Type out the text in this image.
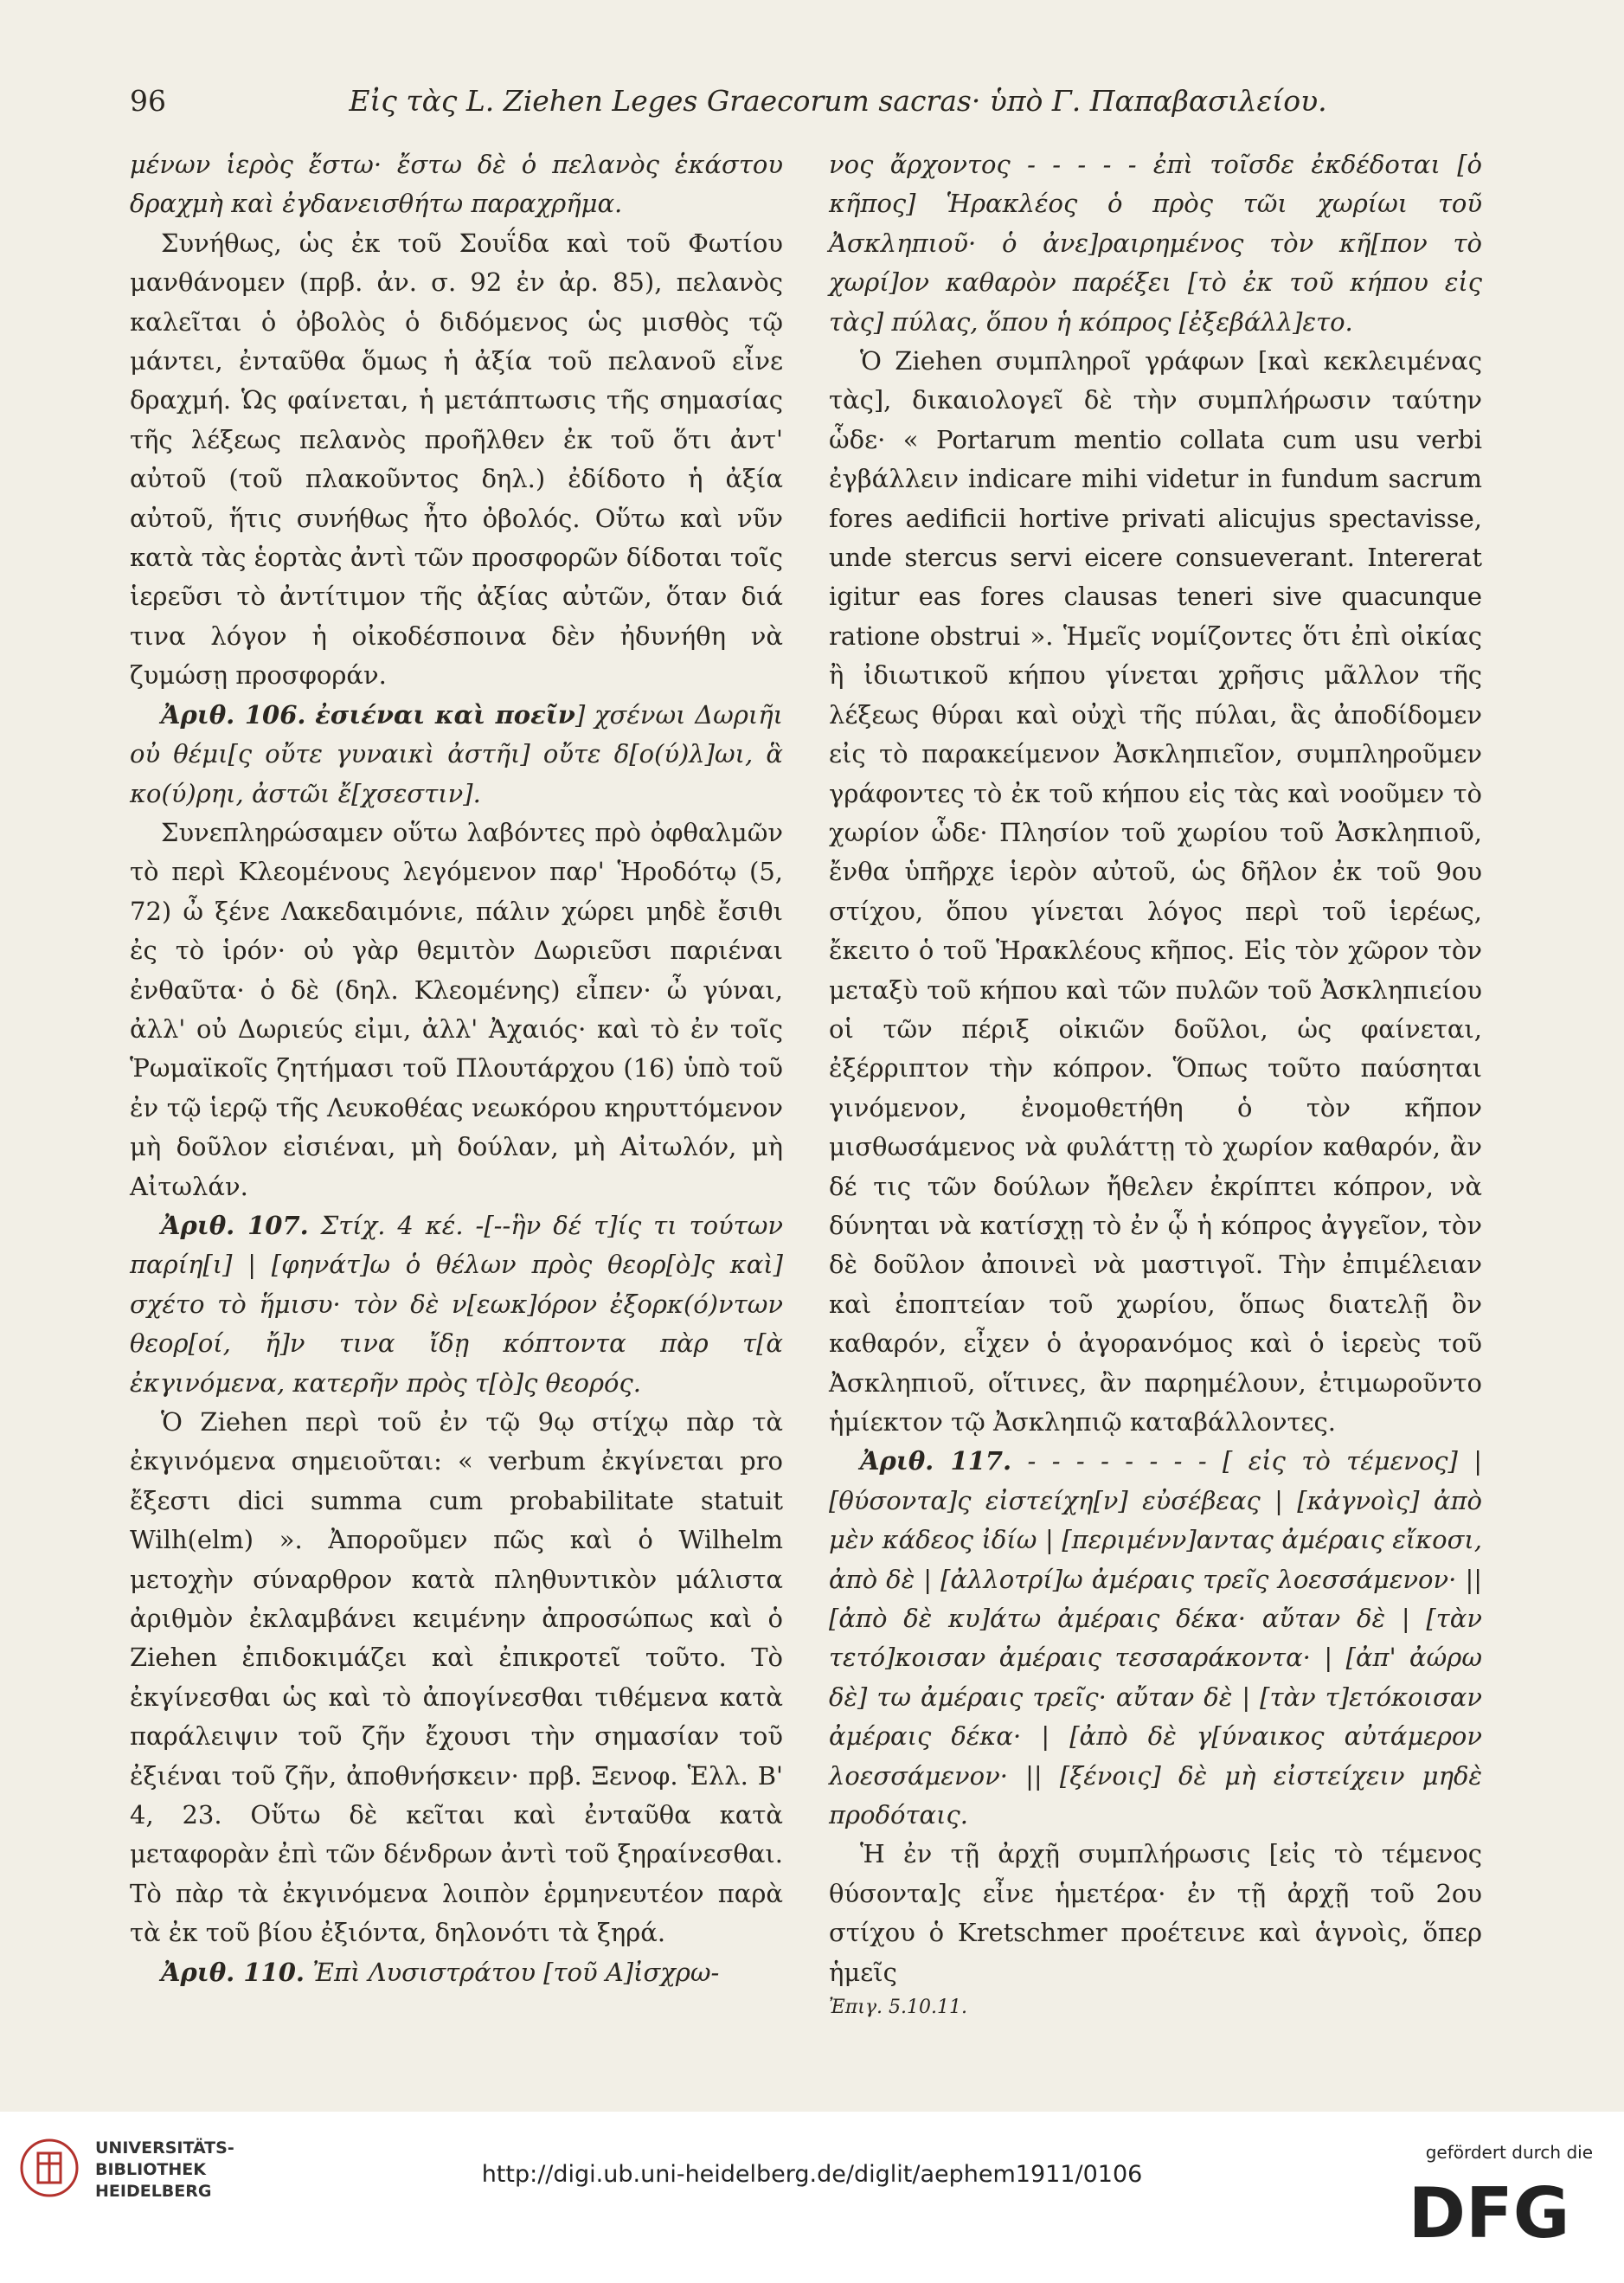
96	Εἰς τὰς L. Ziehen Leges Graecorum sacras· ὑπὸ Γ. Παπαβασιλείου.

μένων ἱερὸς ἔστω· ἔστω δὲ ὁ πελανὸς ἑκάστου δραχμὴ καὶ ἐγδανεισθήτω παραχρῆμα.

Συνήθως, ὡς ἐκ τοῦ Σουΐδα καὶ τοῦ Φωτίου μανθάνομεν (πρβ. ἀν. σ. 92 ἐν ἀρ. 85), πελανὸς καλεῖται ὁ ὀβολὸς ὁ διδόμενος ὡς μισθὸς τῷ μάντει, ἐνταῦθα ὅμως ἡ ἀξία τοῦ πελανοῦ εἶνε δραχμή. Ὡς φαίνεται, ἡ μετάπτωσις τῆς σημασίας τῆς λέξεως πελανὸς προῆλθεν ἐκ τοῦ ὅτι ἀντ' αὐτοῦ (τοῦ πλακοῦντος δηλ.) ἐδίδοτο ἡ ἀξία αὐτοῦ, ἥτις συνήθως ἦτο ὀβολός. Οὕτω καὶ νῦν κατὰ τὰς ἑορτὰς ἀντὶ τῶν προσφορῶν δίδοται τοῖς ἱερεῦσι τὸ ἀντίτιμον τῆς ἀξίας αὐτῶν, ὅταν διά τινα λόγον ἡ οἰκοδέσποινα δὲν ἠδυνήθη νὰ ζυμώσῃ προσφοράν.

Ἀριθ. 106. ἐσιέναι καὶ ποεῖν] χσένωι Δωριῆι οὐ θέμι[ς οὔτε γυναικὶ ἀστῆι] οὔτε δ[ο(ύ)λ]ωι, ἃ κο(ύ)ρηι, ἀστῶι ἔ[χσεστιν].

Συνεπληρώσαμεν οὕτω λαβόντες πρὸ ὀφθαλμῶν τὸ περὶ Κλεομένους λεγόμενον παρ' Ἡροδότῳ (5, 72) ὦ ξένε Λακεδαιμόνιε, πάλιν χώρει μηδὲ ἔσιθι ἐς τὸ ἱρόν· οὐ γὰρ θεμιτὸν Δωριεῦσι παριέναι ἐνθαῦτα· ὁ δὲ (δηλ. Κλεομένης) εἶπεν· ὦ γύναι, ἀλλ' οὐ Δωριεύς εἰμι, ἀλλ' Ἀχαιός· καὶ τὸ ἐν τοῖς Ῥωμαϊκοῖς ζητήμασι τοῦ Πλουτάρχου (16) ὑπὸ τοῦ ἐν τῷ ἱερῷ τῆς Λευκοθέας νεωκόρου κηρυττόμενον μὴ δοῦλον εἰσιέναι, μὴ δούλαν, μὴ Αἰτωλόν, μὴ Αἰτωλάν.

Ἀριθ. 107. Στίχ. 4 κέ. -[--ἣν δέ τ]ίς τι τούτων παρίη[ι] | [φηνάτ]ω ὁ θέλων πρὸς θεορ[ὸ]ς καὶ] σχέτο τὸ ἥμισυ· τὸν δὲ ν[εωκ]όρον ἐξορκ(ό)ντων θεορ[οί, ἤ]ν τινα ἴδῃ κόπτοντα πὰρ τ[ὰ ἐκγινόμενα, κατερῆν πρὸς τ[ὸ]ς θεορός.

Ὁ Ziehen περὶ τοῦ ἐν τῷ 9ῳ στίχῳ πὰρ τὰ ἐκγινόμενα σημειοῦται: « verbum ἐκγίνεται pro ἔξεστι dici summa cum probabilitate statuit Wilh(elm) ». Ἀποροῦμεν πῶς καὶ ὁ Wilhelm μετοχὴν σύναρθρον κατὰ πληθυντικὸν μάλιστα ἀριθμὸν ἐκλαμβάνει κειμένην ἀπροσώπως καὶ ὁ Ziehen ἐπιδοκιμάζει καὶ ἐπικροτεῖ τοῦτο. Τὸ ἐκγίνεσθαι ὡς καὶ τὸ ἀπογίνεσθαι τιθέμενα κατὰ παράλειψιν τοῦ ζῆν ἔχουσι τὴν σημασίαν τοῦ ἐξιέναι τοῦ ζῆν, ἀποθνήσκειν· πρβ. Ξενοφ. Ἑλλ. Β' 4, 23. Οὕτω δὲ κεῖται καὶ ἐνταῦθα κατὰ μεταφορὰν ἐπὶ τῶν δένδρων ἀντὶ τοῦ ξηραίνεσθαι. Τὸ πὰρ τὰ ἐκγινόμενα λοιπὸν ἑρμηνευτέον παρὰ τὰ ἐκ τοῦ βίου ἐξιόντα, δηλονότι τὰ ξηρά.

Ἀριθ. 110. Ἐπὶ Λυσιστράτου [τοῦ Α]ἰσχρω-

νος ἄρχοντος - - - - - ἐπὶ τοῖσδε ἐκδέδοται [ὁ κῆπος] Ἡρακλέος ὁ πρὸς τῶι χωρίωι τοῦ Ἀσκληπιοῦ· ὁ ἀνε]ραιρημένος τὸν κῆ[πον τὸ χωρί]ον καθαρὸν παρέξει [τὸ ἐκ τοῦ κήπου εἰς τὰς] πύλας, ὅπου ἡ κόπρος [ἐξεβάλλ]ετο.

Ὁ Ziehen συμπληροῖ γράφων [καὶ κεκλειμένας τὰς], δικαιολογεῖ δὲ τὴν συμπλήρωσιν ταύτην ὧδε· « Portarum mentio collata cum usu verbi ἐγβάλλειν indicare mihi videtur in fundum sacrum fores aedificii hortive privati alicujus spectavisse, unde stercus servi eicere consueverant. Intererat igitur eas fores clausas teneri sive quacunque ratione obstrui ». Ἡμεῖς νομίζοντες ὅτι ἐπὶ οἰκίας ἢ ἰδιωτικοῦ κήπου γίνεται χρῆσις μᾶλλον τῆς λέξεως θύραι καὶ οὐχὶ τῆς πύλαι, ἃς ἀποδίδομεν εἰς τὸ παρακείμενον Ἀσκληπιεῖον, συμπληροῦμεν γράφοντες τὸ ἐκ τοῦ κήπου εἰς τὰς καὶ νοοῦμεν τὸ χωρίον ὧδε· Πλησίον τοῦ χωρίου τοῦ Ἀσκληπιοῦ, ἔνθα ὑπῆρχε ἱερὸν αὐτοῦ, ὡς δῆλον ἐκ τοῦ 9ου στίχου, ὅπου γίνεται λόγος περὶ τοῦ ἱερέως, ἔκειτο ὁ τοῦ Ἡρακλέους κῆπος. Εἰς τὸν χῶρον τὸν μεταξὺ τοῦ κήπου καὶ τῶν πυλῶν τοῦ Ἀσκληπιείου οἱ τῶν πέριξ οἰκιῶν δοῦλοι, ὡς φαίνεται, ἐξέρριπτον τὴν κόπρον. Ὅπως τοῦτο παύσηται γινόμενον, ἐνομοθετήθη ὁ τὸν κῆπον μισθωσάμενος νὰ φυλάττῃ τὸ χωρίον καθαρόν, ἂν δέ τις τῶν δούλων ἤθελεν ἐκρίπτει κόπρον, νὰ δύνηται νὰ κατίσχῃ τὸ ἐν ᾧ ἡ κόπρος ἀγγεῖον, τὸν δὲ δοῦλον ἀποινεὶ νὰ μαστιγοῖ. Τὴν ἐπιμέλειαν καὶ ἐποπτείαν τοῦ χωρίου, ὅπως διατελῇ ὂν καθαρόν, εἶχεν ὁ ἀγορανόμος καὶ ὁ ἱερεὺς τοῦ Ἀσκληπιοῦ, οἵτινες, ἂν παρημέλουν, ἐτιμωροῦντο ἡμίεκτον τῷ Ἀσκληπιῷ καταβάλλοντες.

Ἀριθ. 117. - - - - - - - - [ εἰς τὸ τέμενος] | [θύσοντα]ς εἰστείχη[ν] εὐσέβεας | [κἀγνοὶς] ἀπὸ μὲν κάδεος ἰδίω | [περιμένν]αντας ἀμέραις εἴκοσι, ἀπὸ δὲ | [ἀλλοτρί]ω ἀμέραις τρεῖς λοεσσάμενον· || [ἀπὸ δὲ κυ]άτω ἀμέραις δέκα· αὔταν δὲ | [τὰν τετό]κοισαν ἀμέραις τεσσαράκοντα· | [ἀπ' ἀώρω δὲ] τω ἀμέραις τρεῖς· αὔταν δὲ | [τὰν τ]ετόκοισαν ἀμέραις δέκα· | [ἀπὸ δὲ γ[ύναικος αὐτάμερον λοεσσάμενον· || [ξένοις] δὲ μὴ εἰστείχειν μηδὲ προδόταις.

Ἡ ἐν τῇ ἀρχῇ συμπλήρωσις [εἰς τὸ τέμενος θύσοντα]ς εἶνε ἡμετέρα· ἐν τῇ ἀρχῇ τοῦ 2ου στίχου ὁ Kretschmer προέτεινε καὶ ἁγνοὶς, ὅπερ ἡμεῖς

Ἐπιγ. 5.10.11.

UNIVERSITÄTS-
BIBLIOTHEK
HEIDELBERG
http://digi.ub.uni-heidelberg.de/diglit/aephem1911/0106
gefördert durch die
DFG
